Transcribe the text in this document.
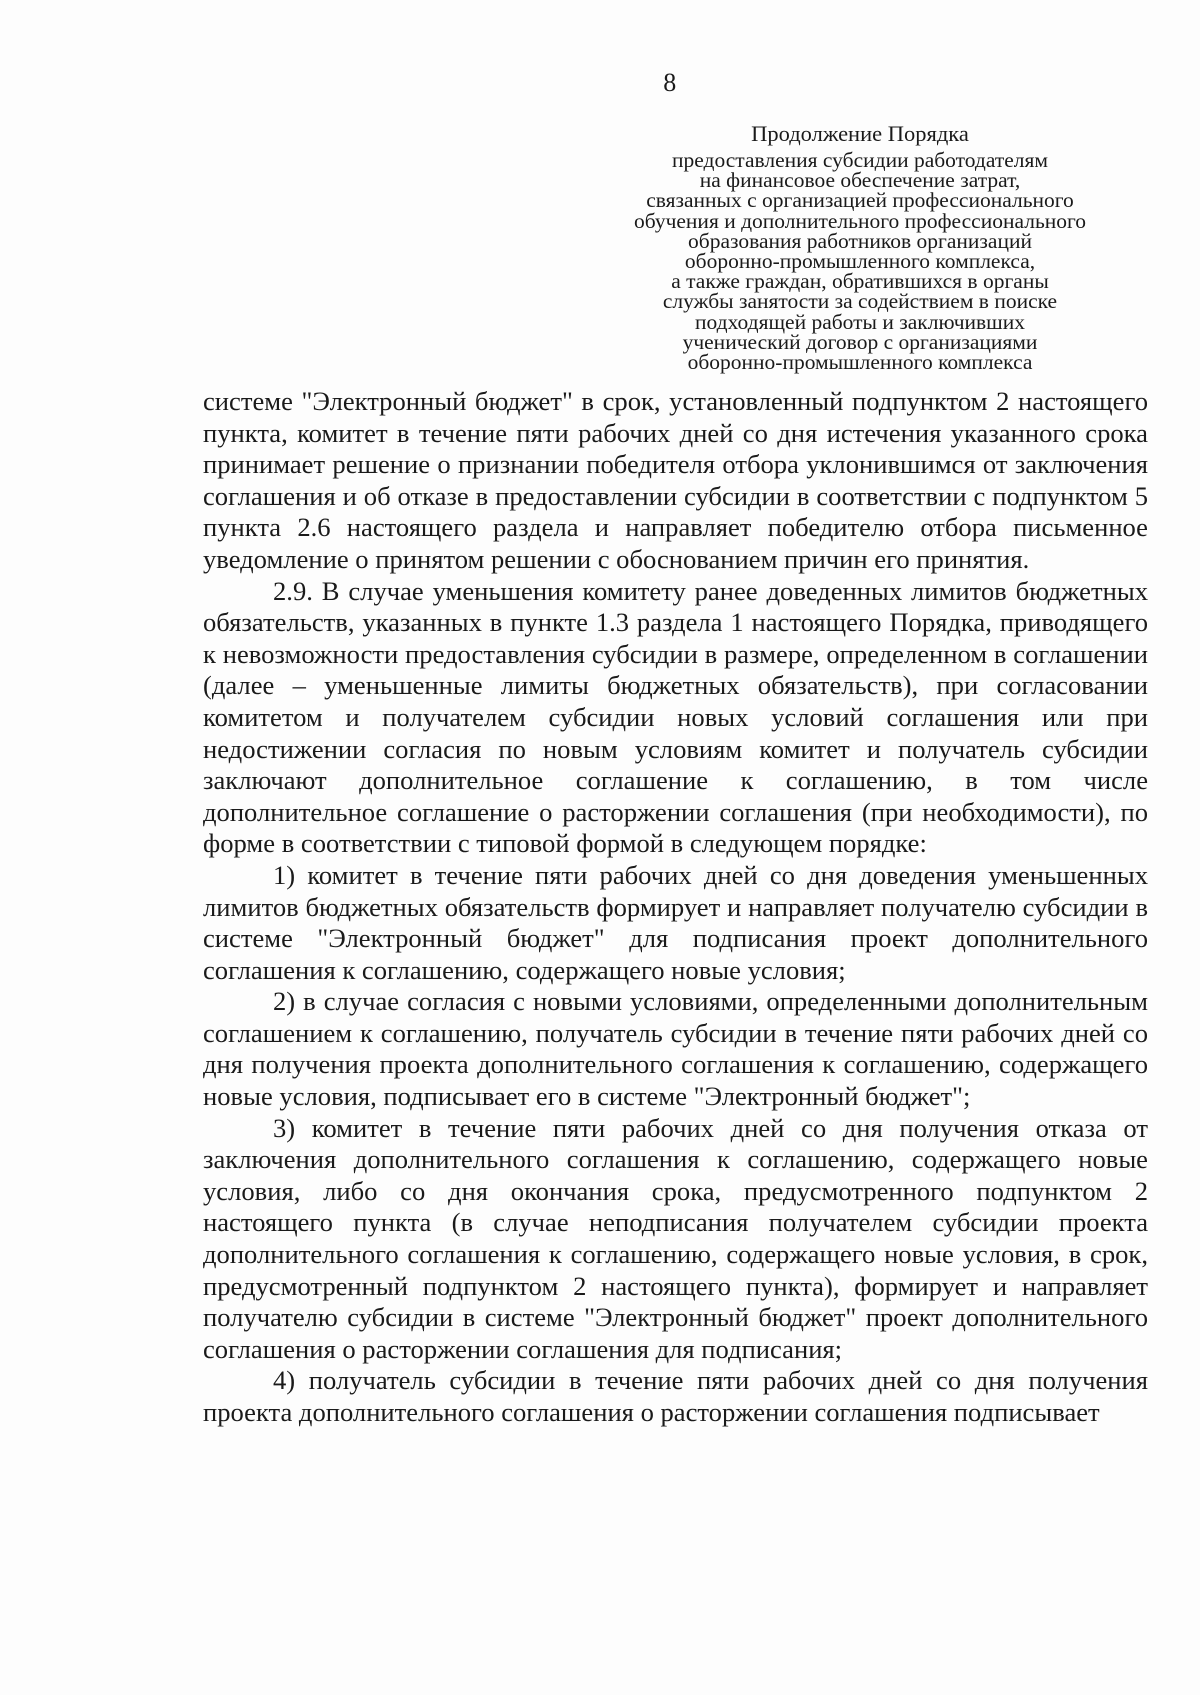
8
Продолжение Порядка
предоставления субсидии работодателям
на финансовое обеспечение затрат,
связанных с организацией профессионального
обучения и дополнительного профессионального
образования работников организаций
оборонно-промышленного комплекса,
а также граждан, обратившихся в органы
службы занятости за содействием в поиске
подходящей работы и заключивших
ученический договор с организациями
оборонно-промышленного комплекса

системе "Электронный бюджет" в срок, установленный подпунктом 2 настоящего пункта, комитет в течение пяти рабочих дней со дня истечения указанного срока принимает решение о признании победителя отбора уклонившимся от заключения соглашения и об отказе в предоставлении субсидии в соответствии с подпунктом 5 пункта 2.6 настоящего раздела и направляет победителю отбора письменное уведомление о принятом решении с обоснованием причин его принятия.

2.9. В случае уменьшения комитету ранее доведенных лимитов бюджетных обязательств, указанных в пункте 1.3 раздела 1 настоящего Порядка, приводящего к невозможности предоставления субсидии в размере, определенном в соглашении (далее – уменьшенные лимиты бюджетных обязательств), при согласовании комитетом и получателем субсидии новых условий соглашения или при недостижении согласия по новым условиям комитет и получатель субсидии заключают дополнительное соглашение к соглашению, в том числе дополнительное соглашение о расторжении соглашения (при необходимости), по форме в соответствии с типовой формой в следующем порядке:

1) комитет в течение пяти рабочих дней со дня доведения уменьшенных лимитов бюджетных обязательств формирует и направляет получателю субсидии в системе "Электронный бюджет" для подписания проект дополнительного соглашения к соглашению, содержащего новые условия;

2) в случае согласия с новыми условиями, определенными дополнительным соглашением к соглашению, получатель субсидии в течение пяти рабочих дней со дня получения проекта дополнительного соглашения к соглашению, содержащего новые условия, подписывает его в системе "Электронный бюджет";

3) комитет в течение пяти рабочих дней со дня получения отказа от заключения дополнительного соглашения к соглашению, содержащего новые условия, либо со дня окончания срока, предусмотренного подпунктом 2 настоящего пункта (в случае неподписания получателем субсидии проекта дополнительного соглашения к соглашению, содержащего новые условия, в срок, предусмотренный подпунктом 2 настоящего пункта), формирует и направляет получателю субсидии в системе "Электронный бюджет" проект дополнительного соглашения о расторжении соглашения для подписания;

4) получатель субсидии в течение пяти рабочих дней со дня получения проекта дополнительного соглашения о расторжении соглашения подписывает
